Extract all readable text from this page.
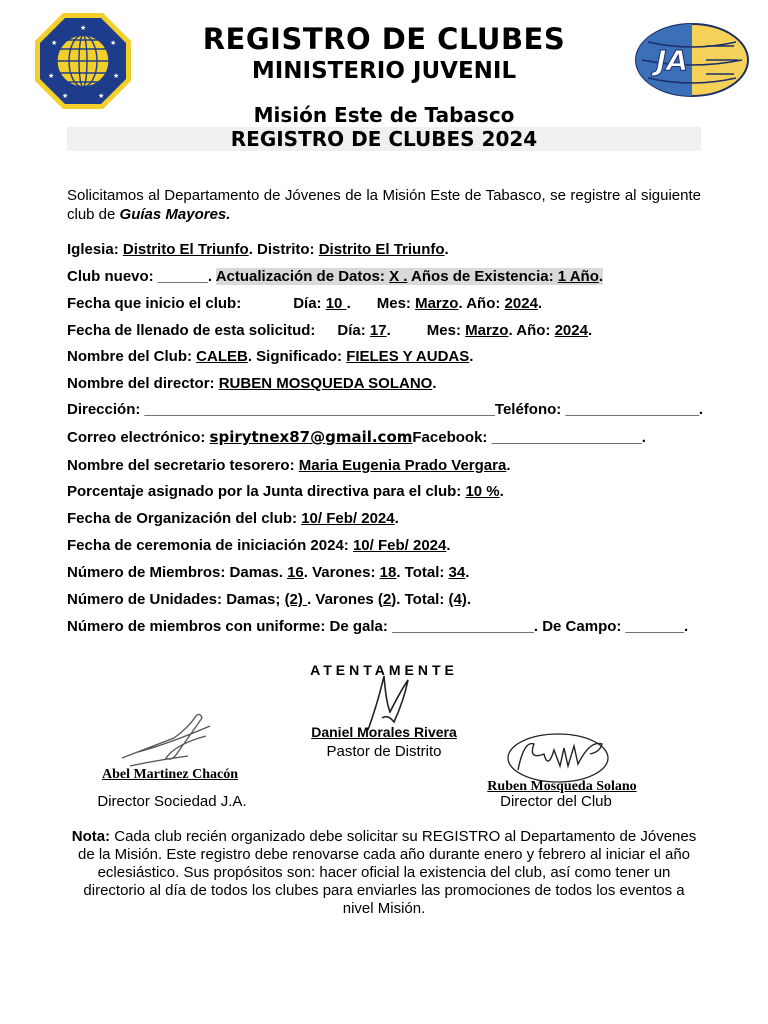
★
★	★
★	★
★	★
JA
REGISTRO DE CLUBES
MINISTERIO JUVENIL
Misión Este de Tabasco
REGISTRO DE CLUBES 2024
Solicitamos al Departamento de Jóvenes de la Misión Este de Tabasco, se registre al siguiente club de Guías Mayores.
Iglesia: Distrito El Triunfo. Distrito: Distrito El Triunfo.
Club nuevo: ______. Actualización de Datos: X . Años de Existencia: 1 Año.
Fecha que inicio el club:	Día: 10 . Mes: Marzo. Año: 2024.
Fecha de llenado de esta solicitud: Día: 17. Mes: Marzo. Año: 2024.
Nombre del Club: CALEB. Significado: FIELES Y AUDAS.
Nombre del director: RUBEN MOSQUEDA SOLANO.
Dirección: __________________________________________Teléfono: ________________.
Correo electrónico: spirytnex87@gmail.comFacebook: __________________.
Nombre del secretario tesorero: Maria Eugenia Prado Vergara.
Porcentaje asignado por la Junta directiva para el club: 10 %.
Fecha de Organización del club: 10/ Feb/ 2024.
Fecha de ceremonia de iniciación 2024: 10/ Feb/ 2024.
Número de Miembros: Damas. 16. Varones: 18. Total: 34.
Número de Unidades: Damas; (2) . Varones (2). Total: (4).
Número de miembros con uniforme: De gala: _________________. De Campo: _______.
ATENTAMENTE
Daniel Morales Rivera
Pastor de Distrito
Abel Martinez Chacón
Director Sociedad J.A.
Ruben Mosqueda Solano
Director del Club
Nota: Cada club recién organizado debe solicitar su REGISTRO al Departamento de Jóvenes de la Misión. Este registro debe renovarse cada año durante enero y febrero al iniciar el año eclesiástico. Sus propósitos son: hacer oficial la existencia del club, así como tener un directorio al día de todos los clubes para enviarles las promociones de todos los eventos a nivel Misión.
